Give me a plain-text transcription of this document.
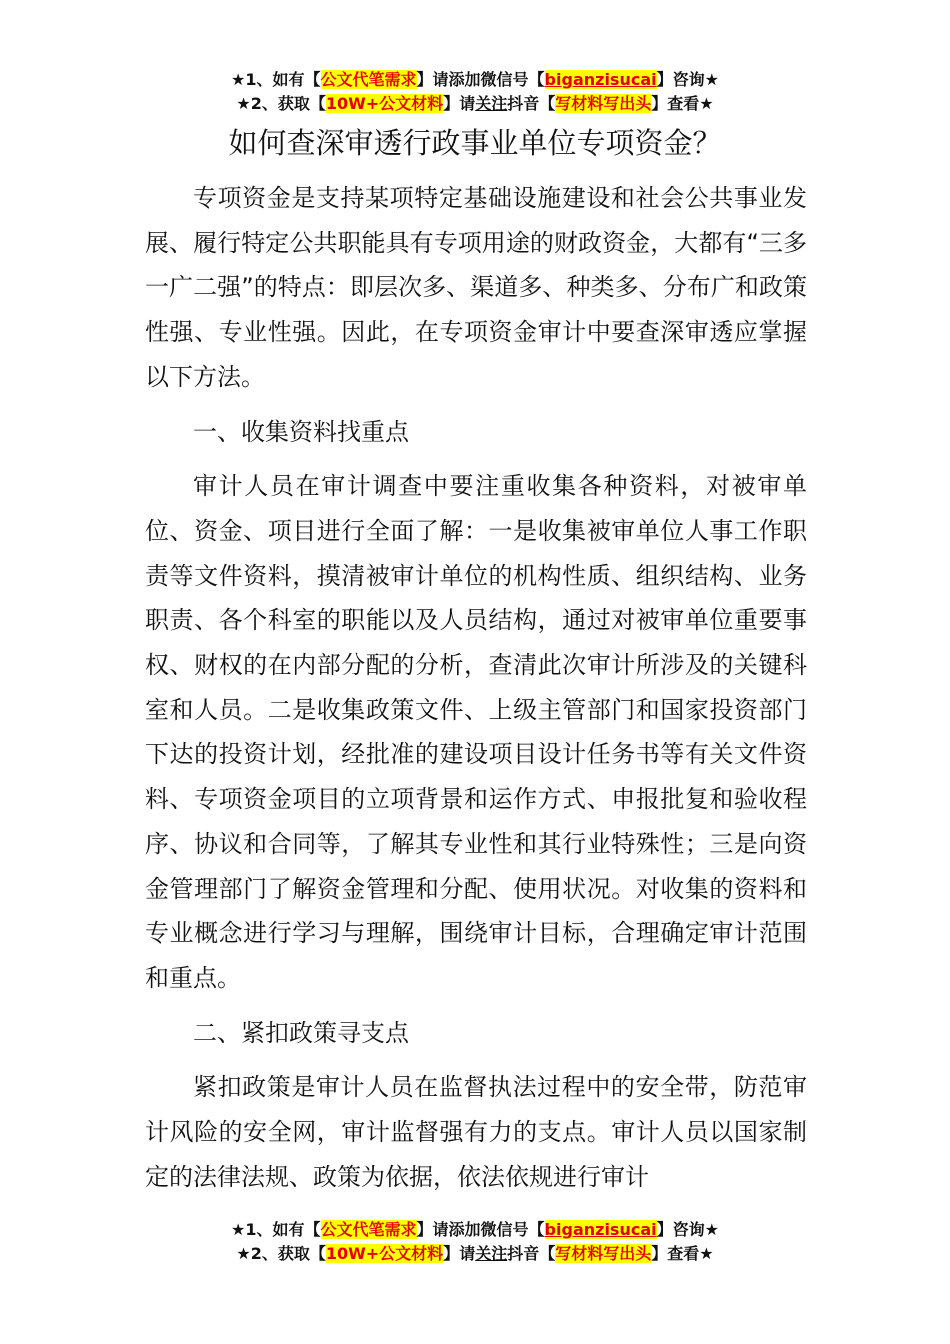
★1、如有【公文代笔需求】请添加微信号【biganzisucai】咨询★
★2、获取【10W+公文材料】请关注抖音【写材料写出头】查看★
如何查深审透行政事业单位专项资金？

专项资金是支持某项特定基础设施建设和社会公共事业发展、履行特定公共职能具有专项用途的财政资金，大都有“三多一广二强”的特点：即层次多、渠道多、种类多、分布广和政策性强、专业性强。因此，在专项资金审计中要查深审透应掌握以下方法。

一、收集资料找重点

审计人员在审计调查中要注重收集各种资料，对被审单位、资金、项目进行全面了解：一是收集被审单位人事工作职责等文件资料，摸清被审计单位的机构性质、组织结构、业务职责、各个科室的职能以及人员结构，通过对被审单位重要事权、财权的在内部分配的分析，查清此次审计所涉及的关键科室和人员。二是收集政策文件、上级主管部门和国家投资部门下达的投资计划，经批准的建设项目设计任务书等有关文件资料、专项资金项目的立项背景和运作方式、申报批复和验收程序、协议和合同等，了解其专业性和其行业特殊性；三是向资金管理部门了解资金管理和分配、使用状况。对收集的资料和专业概念进行学习与理解，围绕审计目标，合理确定审计范围和重点。

二、紧扣政策寻支点

紧扣政策是审计人员在监督执法过程中的安全带，防范审计风险的安全网，审计监督强有力的支点。审计人员以国家制定的法律法规、政策为依据，依法依规进行审计

★1、如有【公文代笔需求】请添加微信号【biganzisucai】咨询★
★2、获取【10W+公文材料】请关注抖音【写材料写出头】查看★
